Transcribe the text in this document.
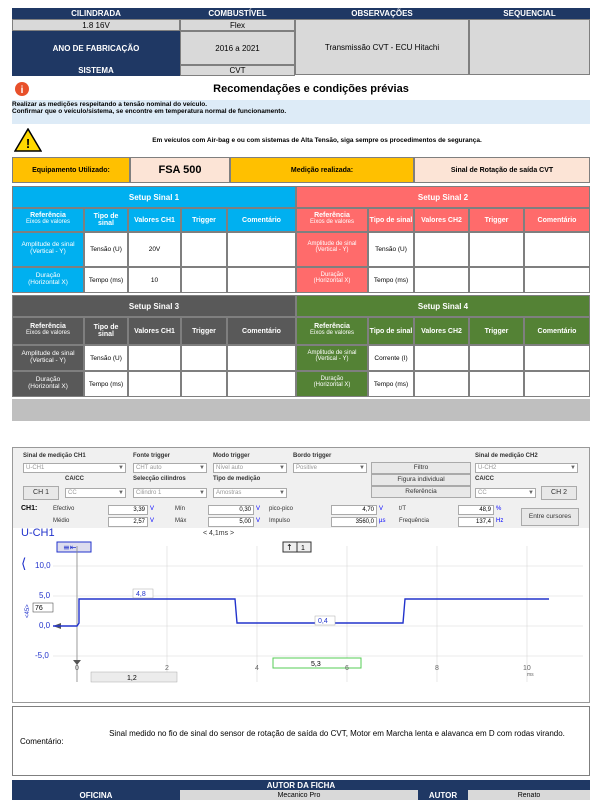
CILINDRADA	COMBUSTÍVEL	OBSERVAÇÕES	SEQUENCIAL
1.8 16V	Flex
Transmissão CVT - ECU Hitachi
ANO DE FABRICAÇÃO	2016 a 2021
SISTEMA	CVT
i	Recomendações e condições prévias
Realizar as medições respeitando a tensão nominal do veículo.
Confirmar que o veículo/sistema, se encontre em temperatura normal de funcionamento.
!	Em veículos com Air-bag e ou com sistemas de Alta Tensão, siga sempre os procedimentos de segurança.
Equipamento Utilizado:	FSA 500	Medição realizada:	Sinal de Rotação de saída CVT
Setup Sinal 1	Setup Sinal 2
Referência
Eixos de valores
Tipo de sinal	Valores CH1	Trigger	Comentário
Referência
Eixos de valores	Tipo de sinal	Valores CH2	Trigger	Comentário
Amplitude de sinal
(Vertical - Y)	Tensão (U)	20V
Duração
(Horizontal X)	Tempo (ms)	10
Amplitude de sinal
(Vertical - Y)	Tensão (U)
Duração
(Horizontal X)	Tempo (ms)
Setup Sinal 3	Setup Sinal 4
Referência
Eixos de valores
Tipo de sinal	Valores CH1	Trigger	Comentário
Referência
Eixos de valores	Tipo de sinal	Valores CH2	Trigger	Comentário
Amplitude de sinal
(Vertical - Y)	Tensão (U)
Duração
(Horizontal X)	Tempo (ms)
Amplitude de sinal
(Vertical - Y)	Corrente (I)
Duração
(Horizontal X)	Tempo (ms)
Sinal de medição CH1	Fonte trigger	Modo trigger	Bordo trigger	Sinal de medição CH2
U-CH1	▼	CHT auto	▼	Nível auto	▼	Positive	▼	Filtro	U-CH2	▼
CA/CC	Selecção cilindros	Tipo de medição	Figura individual	CA/CC
CH 1	CC	▼	Cilindro 1	▼	Amostras	▼	Referência	CC	▼	CH 2
CH1:	Efectivo	3,39 V	Mín	0,30 V pico-pico	4,70 V	t/T	48,9 %
Médio	2,57 V	Máx	5,00 V Impulso	3560,0 µs Frequência	137,4 Hz
Entre cursores
U-CH1	< 4,1ms >
≡⇤	↑ 1
10,0
5,0
0,0
-5,0
⟨
<45> 76
4,8
0,4
5,3
0	2	4	6	8	10
ms
1,2
Comentário:
Sinal medido no fio de sinal do sensor de rotação de saída do CVT, Motor em Marcha lenta e alavanca em D com rodas virando.
AUTOR DA FICHA
OFICINA	Mecanico Pro	AUTOR	Renato
